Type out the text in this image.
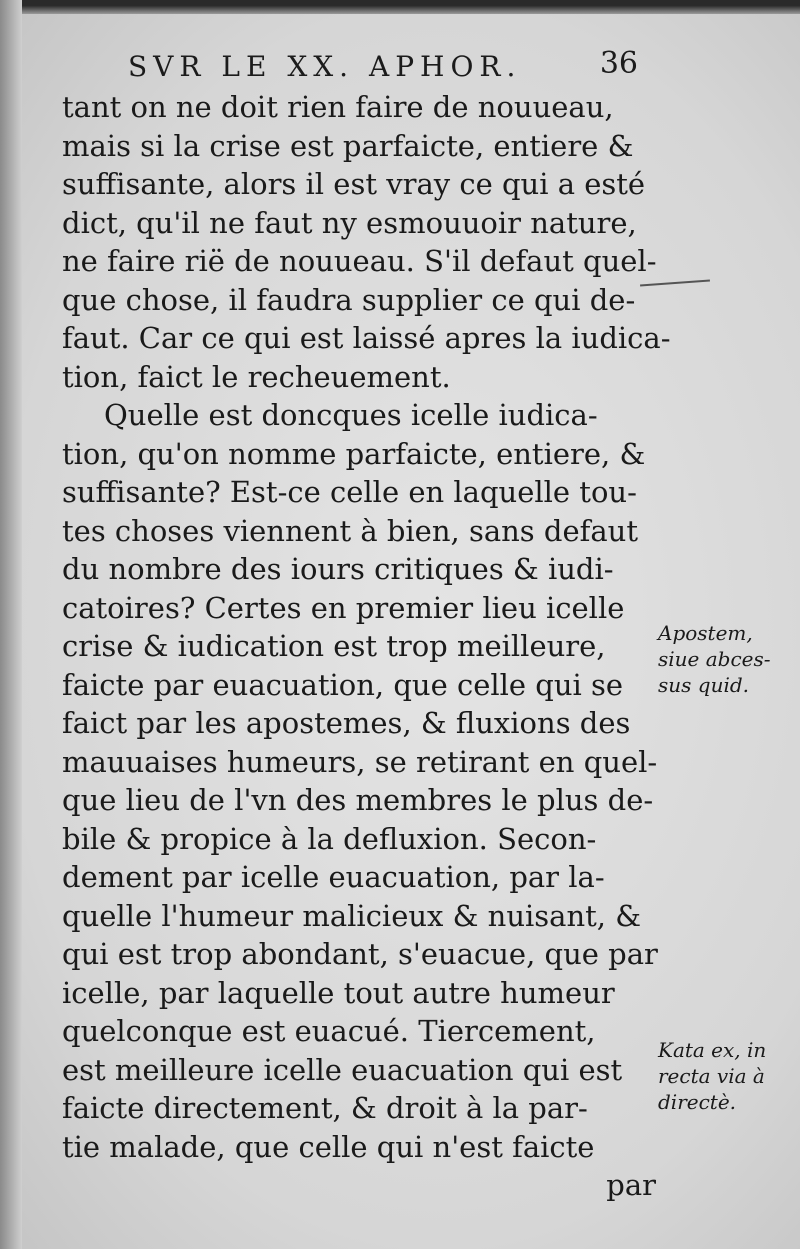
SVR LE XX. APHOR.	36
tant on ne doit rien faire de nouueau,
mais si la crise est parfaicte, entiere &
suffisante, alors il est vray ce qui a esté
dict, qu'il ne faut ny esmouuoir nature,
ne faire rië de nouueau. S'il defaut quel-
que chose, il faudra supplier ce qui de-
faut. Car ce qui est laissé apres la iudica-
tion, faict le recheuement.
Quelle est doncques icelle iudica-
tion, qu'on nomme parfaicte, entiere, &
suffisante? Est-ce celle en laquelle tou-
tes choses viennent à bien, sans defaut
du nombre des iours critiques & iudi-
catoires? Certes en premier lieu icelle
crise & iudication est trop meilleure,
faicte par euacuation, que celle qui se
faict par les apostemes, & fluxions des
mauuaises humeurs, se retirant en quel-
que lieu de l'vn des membres le plus de-
bile & propice à la defluxion. Secon-
dement par icelle euacuation, par la-
quelle l'humeur malicieux & nuisant, &
qui est trop abondant, s'euacue, que par
icelle, par laquelle tout autre humeur
quelconque est euacué. Tiercement,
est meilleure icelle euacuation qui est
faicte directement, & droit à la par-
tie malade, que celle qui n'est faicte
par
Apostem,
siue abces-
sus quid.
Kata ex, in
recta via à
directè.
